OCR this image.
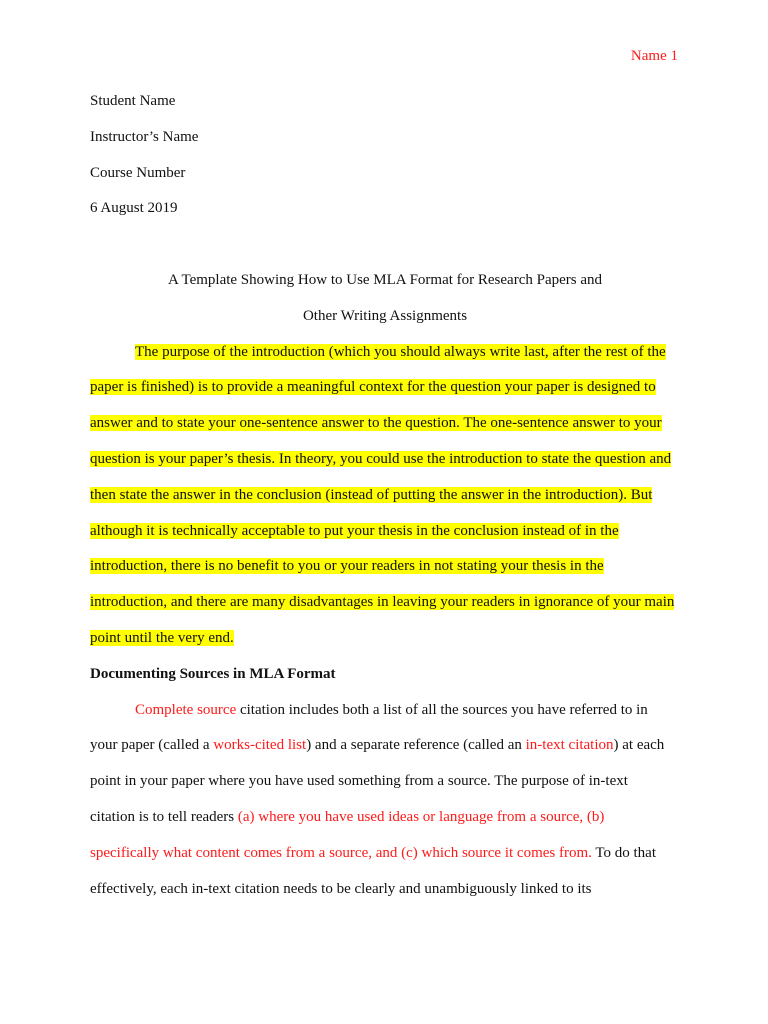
Name 1
Student Name
Instructor’s Name
Course Number
6 August 2019
A Template Showing How to Use MLA Format for Research Papers and
Other Writing Assignments
The purpose of the introduction (which you should always write last, after the rest of the
paper is finished) is to provide a meaningful context for the question your paper is designed to
answer and to state your one-sentence answer to the question. The one-sentence answer to your
question is your paper’s thesis. In theory, you could use the introduction to state the question and
then state the answer in the conclusion (instead of putting the answer in the introduction). But
although it is technically acceptable to put your thesis in the conclusion instead of in the
introduction, there is no benefit to you or your readers in not stating your thesis in the
introduction, and there are many disadvantages in leaving your readers in ignorance of your main
point until the very end.
Documenting Sources in MLA Format
Complete source citation includes both a list of all the sources you have referred to in
your paper (called a works-cited list) and a separate reference (called an in-text citation) at each
point in your paper where you have used something from a source. The purpose of in-text
citation is to tell readers (a) where you have used ideas or language from a source, (b)
specifically what content comes from a source, and (c) which source it comes from. To do that
effectively, each in-text citation needs to be clearly and unambiguously linked to its
